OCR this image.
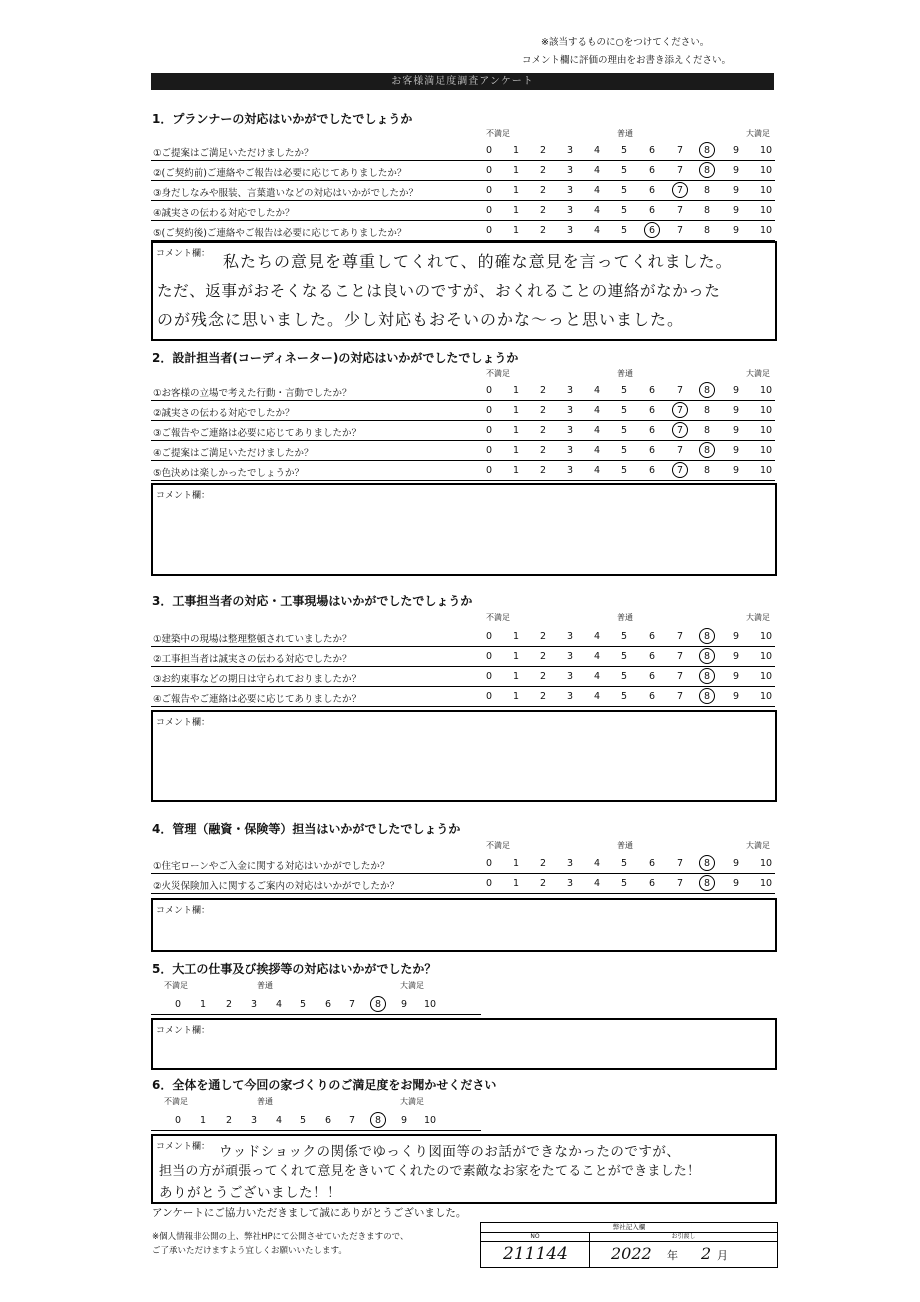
※該当するものに○をつけてください。
コメント欄に評価の理由をお書き添えください。
お客様満足度調査アンケート
1．プランナーの対応はいかがでしたでしょうか
不満足	普通	大満足
①ご提案はご満足いただけましたか？	0	1	2	3	4	5	6	7	8	9	10
②(ご契約前)ご連絡やご報告は必要に応じてありましたか？	0	1	2	3	4	5	6	7	8	9	10
③身だしなみや服装、言葉遣いなどの対応はいかがでしたか？	0	1	2	3	4	5	6	7	8	9	10
④誠実さの伝わる対応でしたか？	0	1	2	3	4	5	6	7	8	9	10
⑤(ご契約後)ご連絡やご報告は必要に応じてありましたか？	0	1	2	3	4	5	6	7	8	9	10
コメント欄： 私たちの意見を尊重してくれて、的確な意見を言ってくれました。
ただ、返事がおそくなることは良いのですが、おくれることの連絡がなかった
のが残念に思いました。少し対応もおそいのかな～っと思いました。
2．設計担当者(コーディネーター)の対応はいかがでしたでしょうか
不満足	普通	大満足
①お客様の立場で考えた行動・言動でしたか？	0	1	2	3	4	5	6	7	8	9	10
②誠実さの伝わる対応でしたか？	0	1	2	3	4	5	6	7	8	9	10
③ご報告やご連絡は必要に応じてありましたか？	0	1	2	3	4	5	6	7	8	9	10
④ご提案はご満足いただけましたか？	0	1	2	3	4	5	6	7	8	9	10
⑤色決めは楽しかったでしょうか？	0	1	2	3	4	5	6	7	8	9	10
コメント欄：
3．工事担当者の対応・工事現場はいかがでしたでしょうか
不満足	普通	大満足
①建築中の現場は整理整頓されていましたか？	0	1	2	3	4	5	6	7	8	9	10
②工事担当者は誠実さの伝わる対応でしたか？	0	1	2	3	4	5	6	7	8	9	10
③お約束事などの期日は守られておりましたか？	0	1	2	3	4	5	6	7	8	9	10
④ご報告やご連絡は必要に応じてありましたか？	0	1	2	3	4	5	6	7	8	9	10
コメント欄：
4．管理（融資・保険等）担当はいかがでしたでしょうか
不満足	普通	大満足
①住宅ローンやご入金に関する対応はいかがでしたか？	0	1	2	3	4	5	6	7	8	9	10
②火災保険加入に関するご案内の対応はいかがでしたか？	0	1	2	3	4	5	6	7	8	9	10
コメント欄：
5．大工の仕事及び挨拶等の対応はいかがでしたか？
不満足	普通	大満足
0	1	2	3	4	5	6	7	8	9	10
コメント欄：
6．全体を通して今回の家づくりのご満足度をお聞かせください
不満足	普通	大満足
0	1	2	3	4	5	6	7	8	9	10
コメント欄： ウッドショックの関係でゆっくり図面等のお話ができなかったのですが、
担当の方が頑張ってくれて意見をきいてくれたので素敵なお家をたてることができました！
ありがとうございました！！
アンケートにご協力いただきまして誠にありがとうございました。
※個人情報非公開の上、弊社HPにて公開させていただきますので、
ご了承いただけますよう宜しくお願いいたします。
弊社記入欄
NO	お引渡し
211144	2022 年 2 月
